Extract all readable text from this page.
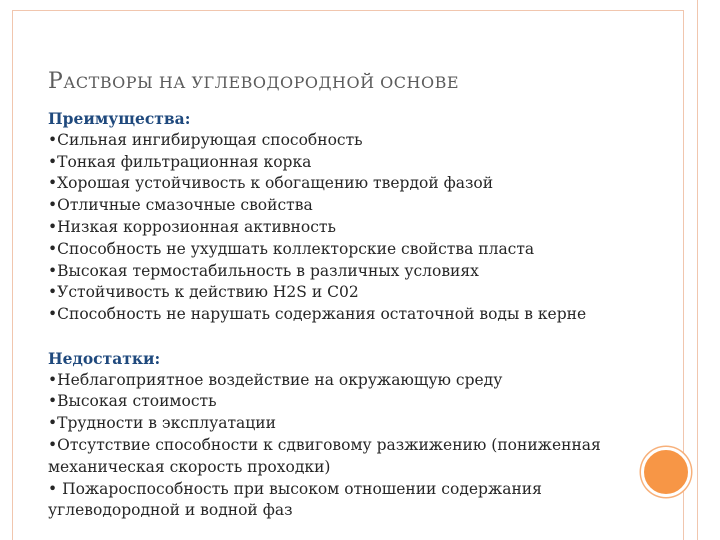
РАСТВОРЫ НА УГЛЕВОДОРОДНОЙ ОСНОВЕ
Преимущества:
•Сильная ингибирующая способность
•Тонкая фильтрационная корка
•Хорошая устойчивость к обогащению твердой фазой
•Отличные смазочные свойства
•Низкая коррозионная активность
•Способность не ухудшать коллекторские свойства пласта
•Высокая термостабильность в различных условиях
•Устойчивость к действию H2S и C02
•Способность не нарушать содержания остаточной воды в керне
Недостатки:
•Неблагоприятное воздействие на окружающую среду
•Высокая стоимость
•Трудности в эксплуатации
•Отсутствие способности к сдвиговому разжижению (пониженная механическая скорость проходки)
• Пожароспособность при высоком отношении содержания углеводородной и водной фаз
